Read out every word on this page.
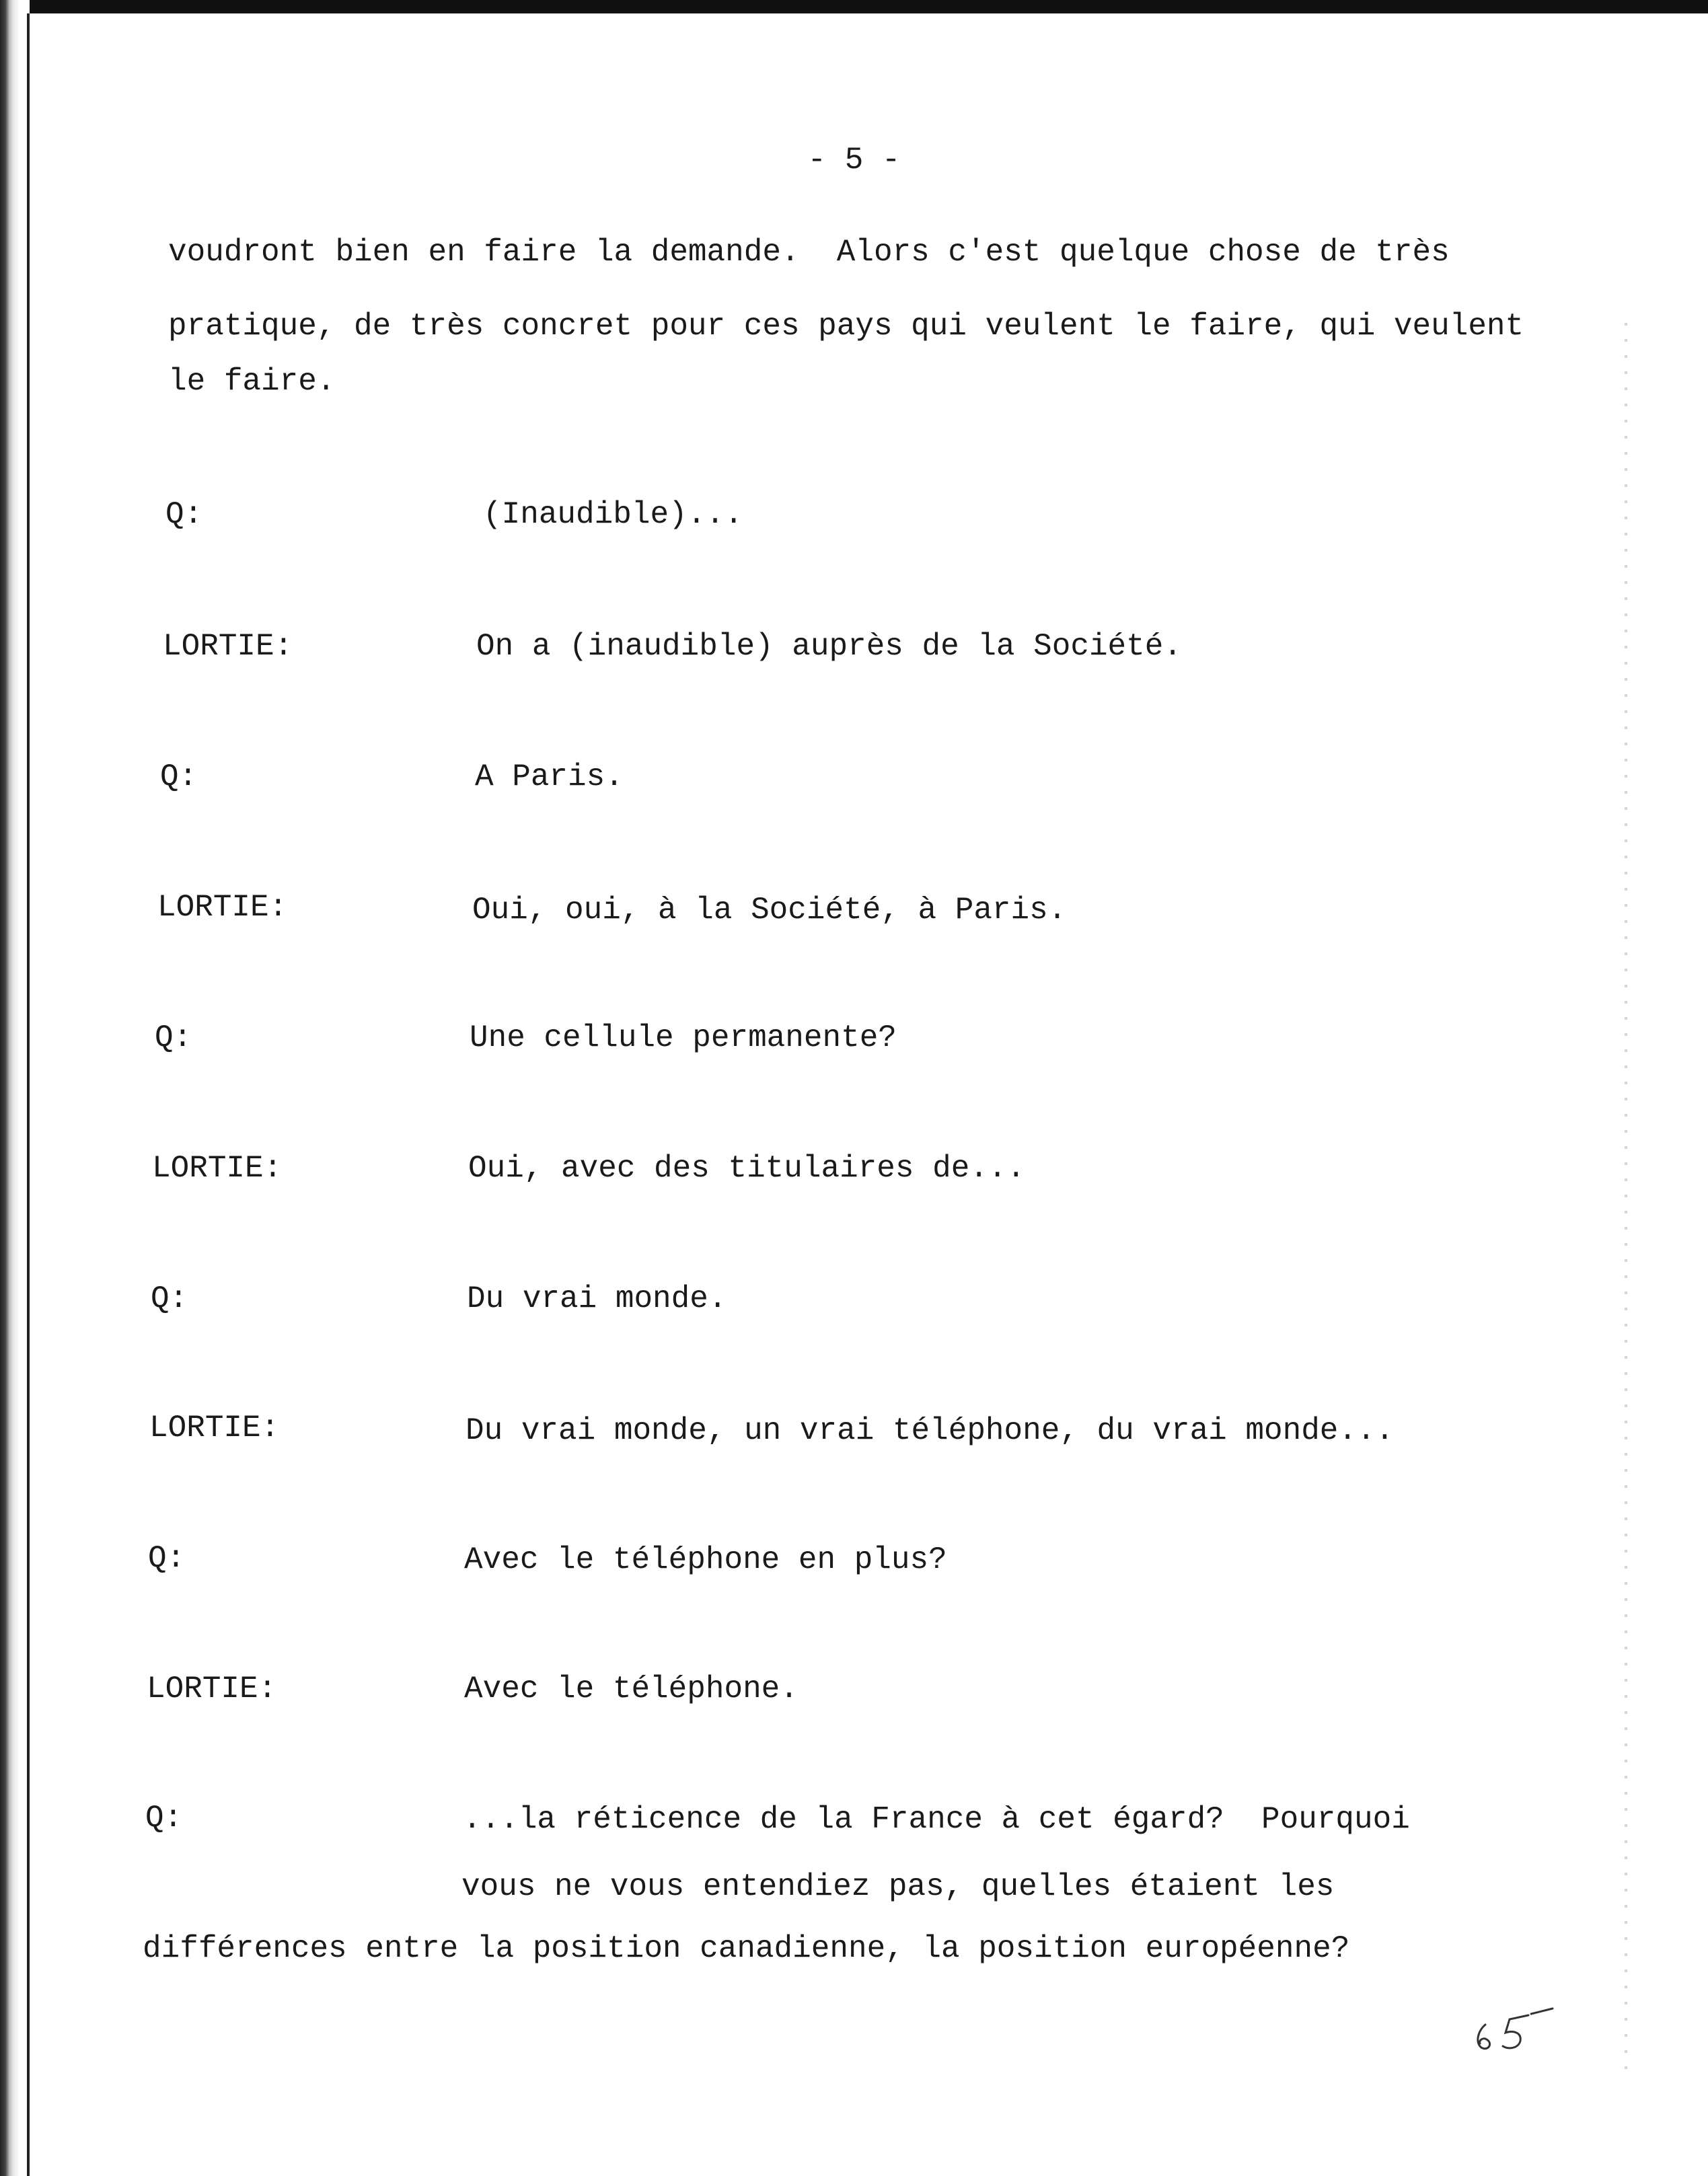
- 5 -
voudront bien en faire la demande.  Alors c'est quelque chose de très
pratique, de très concret pour ces pays qui veulent le faire, qui veulent
le faire.
Q:	(Inaudible)...
LORTIE:	On a (inaudible) auprès de la Société.
Q:	A Paris.
LORTIE:	Oui, oui, à la Société, à Paris.
Q:	Une cellule permanente?
LORTIE:	Oui, avec des titulaires de...
Q:	Du vrai monde.
LORTIE:	Du vrai monde, un vrai téléphone, du vrai monde...
Q:	Avec le téléphone en plus?
LORTIE:	Avec le téléphone.
Q:	...la réticence de la France à cet égard?  Pourquoi
vous ne vous entendiez pas, quelles étaient les
différences entre la position canadienne, la position européenne?
